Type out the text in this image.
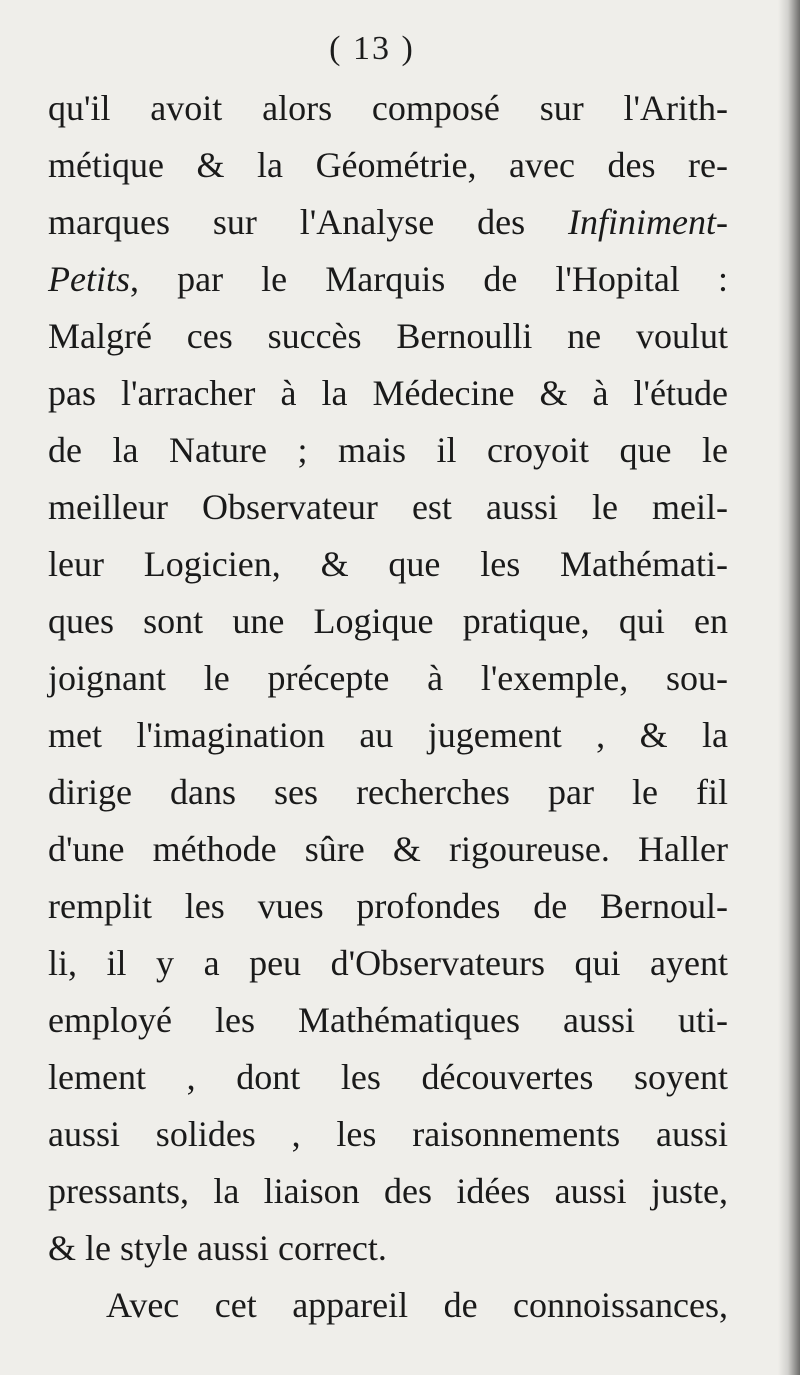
( 13 )
qu'il avoit alors composé sur l'Arith-
métique & la Géométrie, avec des re-
marques sur l'Analyse des Infiniment-
Petits, par le Marquis de l'Hopital :
Malgré ces succès Bernoulli ne voulut
pas l'arracher à la Médecine & à l'étude
de la Nature ; mais il croyoit que le
meilleur Observateur est aussi le meil-
leur Logicien, & que les Mathémati-
ques sont une Logique pratique, qui en
joignant le précepte à l'exemple, sou-
met l'imagination au jugement , & la
dirige dans ses recherches par le fil
d'une méthode sûre & rigoureuse. Haller
remplit les vues profondes de Bernoul-
li, il y a peu d'Observateurs qui ayent
employé les Mathématiques aussi uti-
lement , dont les découvertes soyent
aussi solides , les raisonnements aussi
pressants, la liaison des idées aussi juste,
& le style aussi correct.
Avec cet appareil de connoissances,
